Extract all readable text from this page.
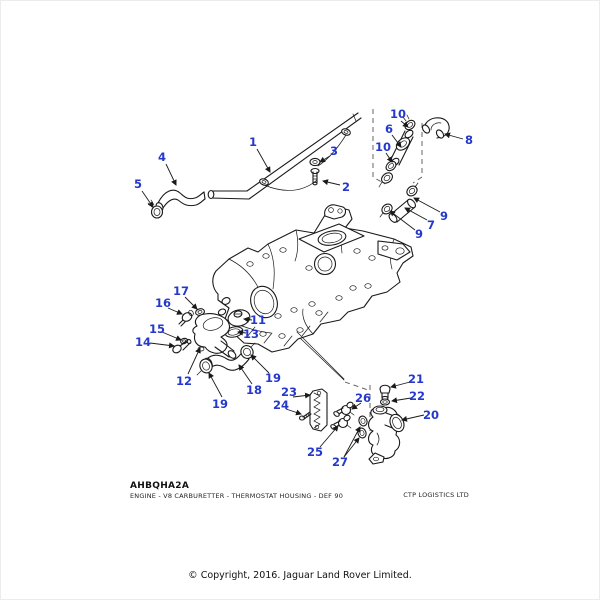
1
2
3
4
5
6
7
8
9
9
10
10
11
12
13
14
15
16
17
18
19
19
20
21
22
23
24
25
26
27
AHBQHA2A
ENGINE - V8 CARBURETTER - THERMOSTAT HOUSING - DEF 90	CTP LOGISTICS LTD
© Copyright, 2016. Jaguar Land Rover Limited.
